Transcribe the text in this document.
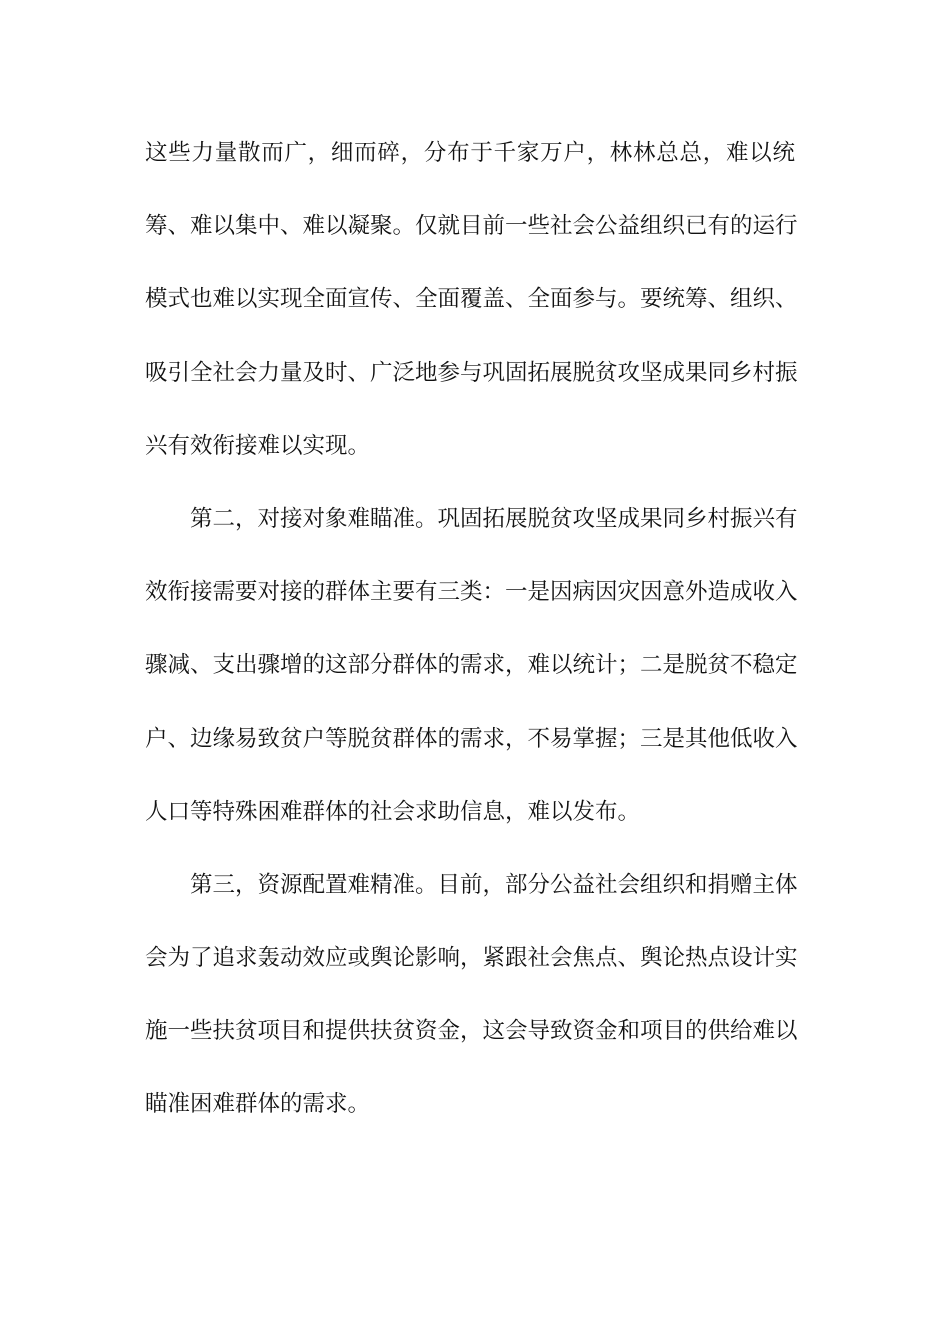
这些力量散而广，细而碎，分布于千家万户，林林总总，难以统
筹、难以集中、难以凝聚。仅就目前一些社会公益组织已有的运行
模式也难以实现全面宣传、全面覆盖、全面参与。要统筹、组织、
吸引全社会力量及时、广泛地参与巩固拓展脱贫攻坚成果同乡村振
兴有效衔接难以实现。
第二，对接对象难瞄准。巩固拓展脱贫攻坚成果同乡村振兴有
效衔接需要对接的群体主要有三类：一是因病因灾因意外造成收入
骤减、支出骤增的这部分群体的需求，难以统计；二是脱贫不稳定
户、边缘易致贫户等脱贫群体的需求，不易掌握；三是其他低收入
人口等特殊困难群体的社会求助信息，难以发布。
第三，资源配置难精准。目前，部分公益社会组织和捐赠主体
会为了追求轰动效应或舆论影响，紧跟社会焦点、舆论热点设计实
施一些扶贫项目和提供扶贫资金，这会导致资金和项目的供给难以
瞄准困难群体的需求。
